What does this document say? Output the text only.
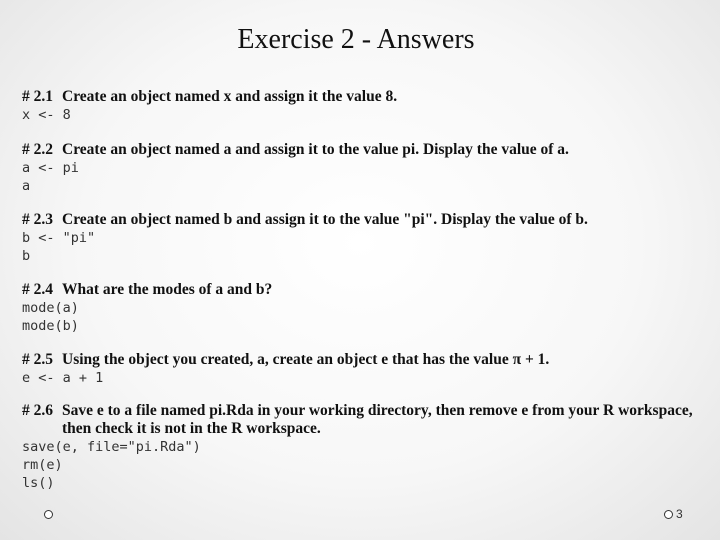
Exercise 2 - Answers
# 2.1 Create an object named x and assign it the value 8.
x <- 8
# 2.2 Create an object named a and assign it to the value pi. Display the value of a.
a <- pi
a
# 2.3 Create an object named b and assign it to the value "pi". Display the value of b.
b <- "pi"
b
# 2.4 What are the modes of a and b?
mode(a)
mode(b)
# 2.5 Using the object you created, a, create an object e that has the value π + 1.
e <- a + 1
# 2.6 Save e to a file named pi.Rda in your working directory, then remove e from your R workspace, then check it is not in the R workspace.
save(e, file="pi.Rda")
rm(e)
ls()
3
